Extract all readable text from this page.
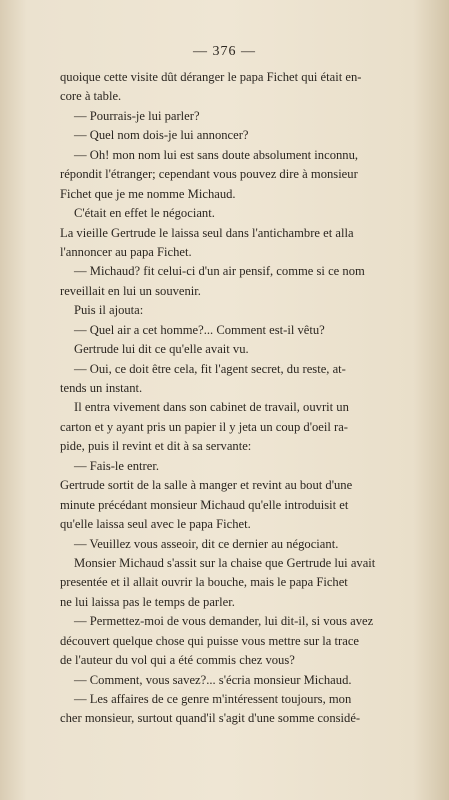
— 376 —
quoique cette visite dût déranger le papa Fichet qui était en-
core à table.
— Pourrais-je lui parler?
— Quel nom dois-je lui annoncer?
— Oh! mon nom lui est sans doute absolument inconnu,
répondit l'étranger; cependant vous pouvez dire à monsieur
Fichet que je me nomme Michaud.
C'était en effet le négociant.
La vieille Gertrude le laissa seul dans l'antichambre et alla
l'annoncer au papa Fichet.
— Michaud? fit celui-ci d'un air pensif, comme si ce nom
reveillait en lui un souvenir.
Puis il ajouta:
— Quel air a cet homme?... Comment est-il vêtu?
Gertrude lui dit ce qu'elle avait vu.
— Oui, ce doit être cela, fit l'agent secret, du reste, at-
tends un instant.
Il entra vivement dans son cabinet de travail, ouvrit un
carton et y ayant pris un papier il y jeta un coup d'oeil ra-
pide, puis il revint et dit à sa servante:
— Fais-le entrer.
Gertrude sortit de la salle à manger et revint au bout d'une
minute précédant monsieur Michaud qu'elle introduisit et
qu'elle laissa seul avec le papa Fichet.
— Veuillez vous asseoir, dit ce dernier au négociant.
Monsier Michaud s'assit sur la chaise que Gertrude lui avait
presentée et il allait ouvrir la bouche, mais le papa Fichet
ne lui laissa pas le temps de parler.
— Permettez-moi de vous demander, lui dit-il, si vous avez
découvert quelque chose qui puisse vous mettre sur la trace
de l'auteur du vol qui a été commis chez vous?
— Comment, vous savez?... s'écria monsieur Michaud.
— Les affaires de ce genre m'intéressent toujours, mon
cher monsieur, surtout quand'il s'agit d'une somme considé-
